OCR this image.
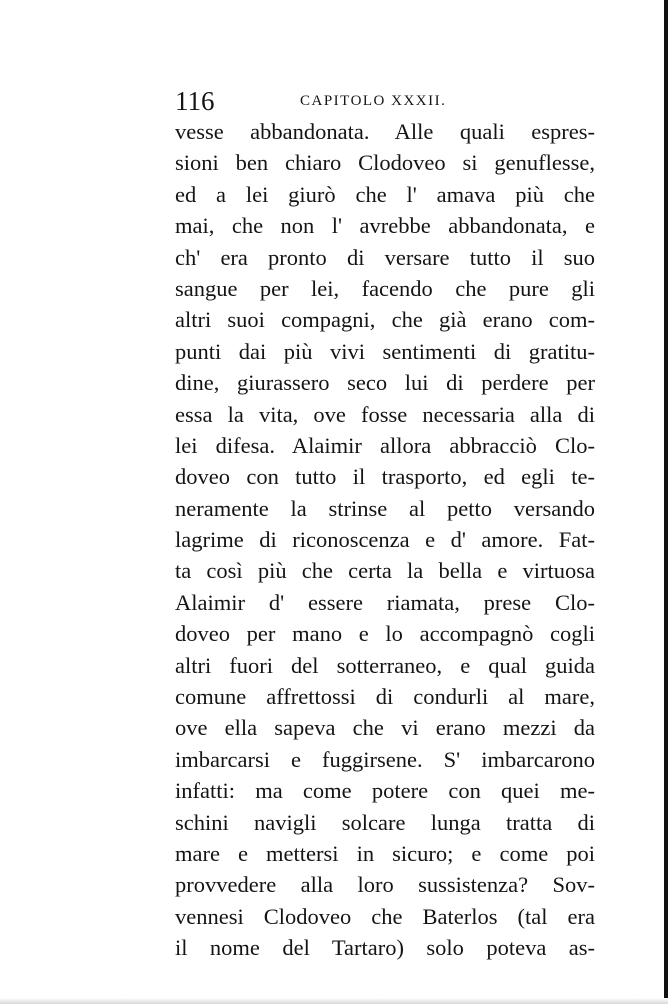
116	CAPITOLO XXXII.
vesse abbandonata. Alle quali espres-
sioni ben chiaro Clodoveo si genuflesse,
ed a lei giurò che l' amava più che
mai, che non l' avrebbe abbandonata, e
ch' era pronto di versare tutto il suo
sangue per lei, facendo che pure gli
altri suoi compagni, che già erano com-
punti dai più vivi sentimenti di gratitu-
dine, giurassero seco lui di perdere per
essa la vita, ove fosse necessaria alla di
lei difesa. Alaimir allora abbracciò Clo-
doveo con tutto il trasporto, ed egli te-
neramente la strinse al petto versando
lagrime di riconoscenza e d' amore. Fat-
ta così più che certa la bella e virtuosa
Alaimir d' essere riamata, prese Clo-
doveo per mano e lo accompagnò cogli
altri fuori del sotterraneo, e qual guida
comune affrettossi di condurli al mare,
ove ella sapeva che vi erano mezzi da
imbarcarsi e fuggirsene. S' imbarcarono
infatti: ma come potere con quei me-
schini navigli solcare lunga tratta di
mare e mettersi in sicuro; e come poi
provvedere alla loro sussistenza? Sov-
vennesi Clodoveo che Baterlos (tal era
il nome del Tartaro) solo poteva as-
